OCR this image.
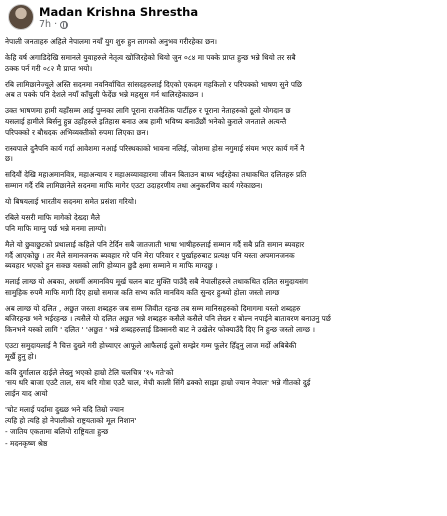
Madan Krishna Shrestha
7h ·

नेपाली जनताहरु अहिले नेपालमा नयाँ युग शुरु हुन लागको अनुभव गरीरहेका छन।

केहि वर्ष अगाडिदेखि समानले युवाहरुले नेतृत्व खोजिरहेको थियो जुन ०८४ मा पक्के प्राप्त हुन्छ भन्ने थियो तर सबै
ठक्क पर्न गरी ०८२ मै प्राप्त भयो।

रबि लामिछानेज्यूले अस्ति सदनमा नवनिर्वाचित सांसदहरुलाई दिएको एकदम गहकिलो र परिपक्को भाषण सुने पछि
अब त पक्के पनि देशले नयाँ काँचुली फेर्देछ भन्ने महसुस गर्न थालिरहेकाछन ।

उक्त भाषणमा हामी यहाँसम्म आई पुग्नका लागि पूराना राजनैतिक पार्टीहरु र पूराना नेताहरुको ठूलो योगदान छ
यसलाई हामीले बिर्सनु हुन्न उहाँहरुले इतिहास बनाउ अब हामी भविष्य बनाउँछौं भनेको कुराले जनताले अत्यन्तै
परिपक्को र बौधदक अभिव्यक्तीको रुपमा लिएका छन।

रास्वपाले दुनैपनि कार्य गर्दा आवेशमा नआई परिस्थकाको भावना नलिई, जोशमा होस नगुमाई संयम भएर कार्य गर्ने नै
छ।

सदियौं देखि महाअमानवित्र, महाअन्याय र महाअव्यावहारमा जीवन बिताउन बाध्य भईरहेका तथाकथित दलितहरु प्रति
सम्मान गर्दै रबि लामिछानेले सदनमा माफि मागेर एउटा उदाहरणीय तथा अनुकरणिय कार्य गरेकाछन।

यो बिषयलाई भारतीय सदनमा समेत प्रसंशा गरियो।

रबिले यसरी माफि मागेको देख्दा मैले
पनि माफि माग्नु पर्छ भन्ने मनमा लाग्यो।

मैले यो छुवाछुटको प्रथालाई कहिले पनि टेर्दिन सबै जातजाती भाषा भाषीहरुलाई सम्मान गर्दै सबै प्रति समान ब्यवहार
गर्दै आएकोछु । तर मैले समानजनक ब्यवहार गरे पनि मेरा परिवार र पुर्खाहरुबाट प्रत्यक्ष पनि यस्ता अपमानजनक
ब्यवहार भएको हुन सक्छ यसको लागि होय्यान छुडै क्षमा सम्माने म माफि माग्दछु ।

मलाई लाग्छ यो अबका, अधर्मी अमानविय मूर्ख चलन बाट मुक्ति पाउँदै सबै नेपालीहरुले तथाकथित दलित समुदायसंग
सामुहिक रुपमै माफि मागी दिए हाम्रो समाज कति सभ्य कति मानविय कति सुन्दर हुन्थ्यो होला जस्तो लाग्छ

अब लाग्छ यो दलित , अछुत जस्ता शब्दहरु जब सम्म जिवीत रहन्छ तब सम्म मानिसहरुको दिमागमा यस्तो शब्दहरु
बजिरहन्छ भने भईरहन्छ । त्यसैले यो दलित अछुत भन्ने शब्दहरु कसैले कसैले पनि लेख्न र बोल्न नपाईने बातावरण बनाउनु पर्छ
किनभने यस्को लागि ' दलित ' 'अछुत ' भन्ने शब्दहरुलाई डिक्सनरी बाट ने उखेलेर फोक्याउँदै दिए नि हुन्छ जस्तो लाग्छ ।

एउटा समुदायलाई नै चित्त दुख्ने गरी होच्याएर आफूले आफैलाई ठूलो सम्झेर गम्म फूलेर हिँड्नु लाज मर्दो अबिबेकी
मूर्खै हुनु हो।

कवि दुर्गालाल दाईले लेख्नु भएको हाम्रो टेलि चलचित्र '१५ गते'को
'सय थरि बाजा एउटै ताल, सय थरि गोत्रा एउटै चाल, मेची काली सिंगै ढक्को साझा हाम्रो ज्यान नेपाल' भन्ने गीतको दुई
लाईन याद आयो

'चोट मलाई पर्दामा दुख्छ भने यदि तिम्रो ज्यान
त्यहि हो त्यहि हो नेपालीको राष्ट्रयताको मूल निशान'

- जातिय एकतामा बलियो राष्ट्रियता हुन्छ

- मदनकृष्ण श्रेष्ठ
